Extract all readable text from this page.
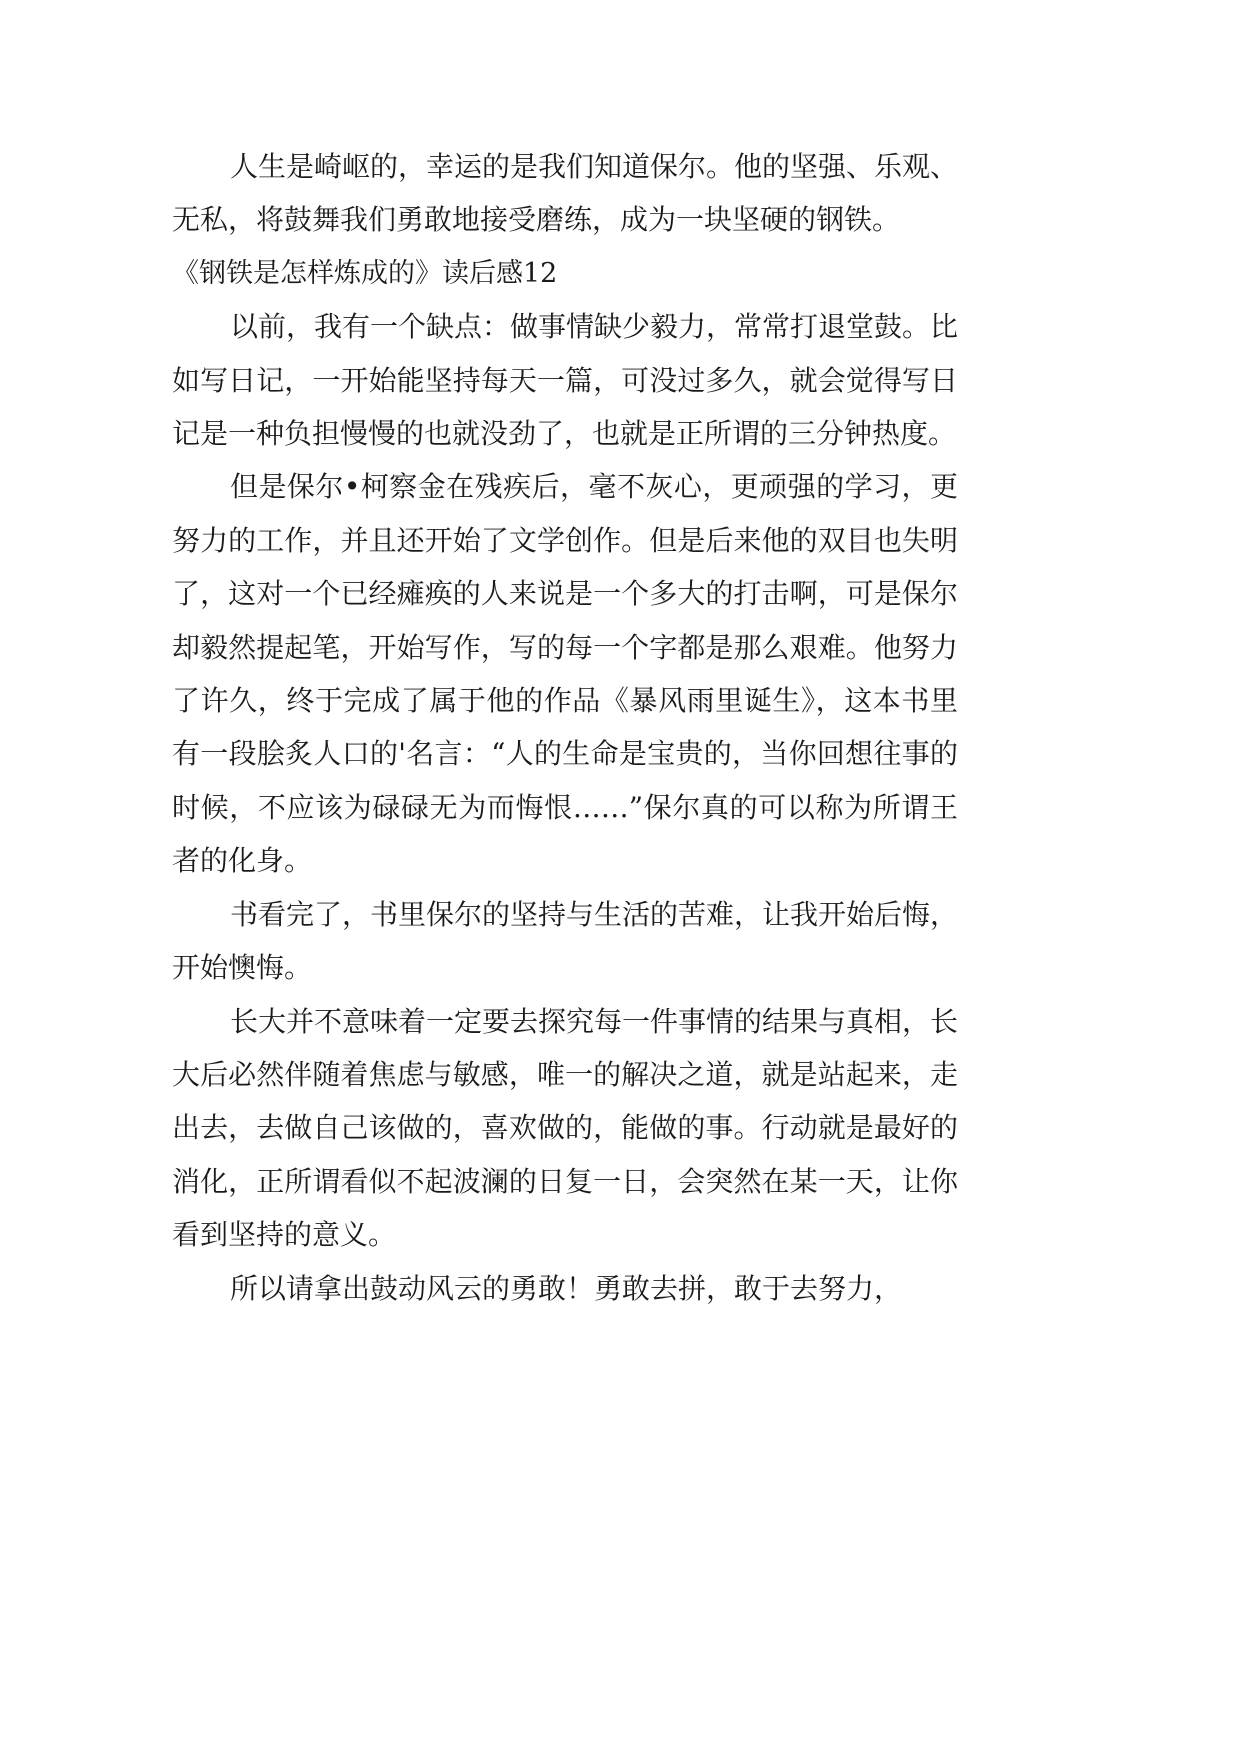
人生是崎岖的，幸运的是我们知道保尔。他的坚强、乐观、无私，将鼓舞我们勇敢地接受磨练，成为一块坚硬的钢铁。

《钢铁是怎样炼成的》读后感12

以前，我有一个缺点：做事情缺少毅力，常常打退堂鼓。比如写日记，一开始能坚持每天一篇，可没过多久，就会觉得写日记是一种负担慢慢的也就没劲了，也就是正所谓的三分钟热度。

但是保尔•柯察金在残疾后，毫不灰心，更顽强的学习，更努力的工作，并且还开始了文学创作。但是后来他的双目也失明了，这对一个已经瘫痪的人来说是一个多大的打击啊，可是保尔却毅然提起笔，开始写作，写的每一个字都是那么艰难。他努力了许久，终于完成了属于他的作品《暴风雨里诞生》，这本书里有一段脍炙人口的'名言：“人的生命是宝贵的，当你回想往事的时候，不应该为碌碌无为而悔恨……”保尔真的可以称为所谓王者的化身。

书看完了，书里保尔的坚持与生活的苦难，让我开始后悔，开始懊悔。

长大并不意味着一定要去探究每一件事情的结果与真相，长大后必然伴随着焦虑与敏感，唯一的解决之道，就是站起来，走出去，去做自己该做的，喜欢做的，能做的事。行动就是最好的消化，正所谓看似不起波澜的日复一日，会突然在某一天，让你看到坚持的意义。

所以请拿出鼓动风云的勇敢！勇敢去拼，敢于去努力，
